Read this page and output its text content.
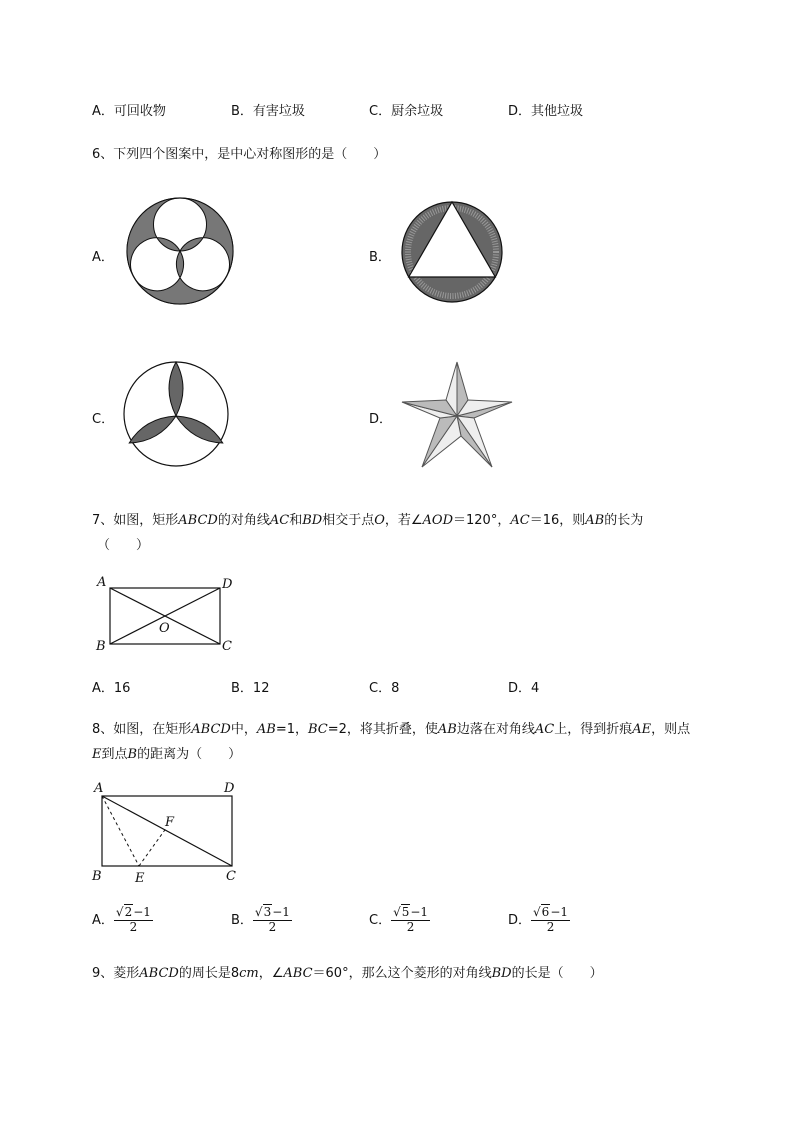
A．可回收物	B．有害垃圾	C．厨余垃圾	D．其他垃圾
6、下列四个图案中，是中心对称图形的是（　　）
A．	B．
C．	D．
7、如图，矩形ABCD的对角线AC和BD相交于点O，若∠AOD＝120°，AC＝16，则AB的长为
（　　）
A	D
B	C
O
A．16	B．12	C．8	D．4
8、如图，在矩形ABCD中，AB=1，BC=2，将其折叠，使AB边落在对角线AC上，得到折痕AE，则点
E到点B的距离为（　　）
A	D
B	C
E
F
A． $\frac{√2-1}{2}$	B． $\frac{√3-1}{2}$	C． $\frac{√5-1}{2}$	D． $\frac{√6-1}{2}$
9、菱形ABCD的周长是8cm，∠ABC＝60°，那么这个菱形的对角线BD的长是（　　）
